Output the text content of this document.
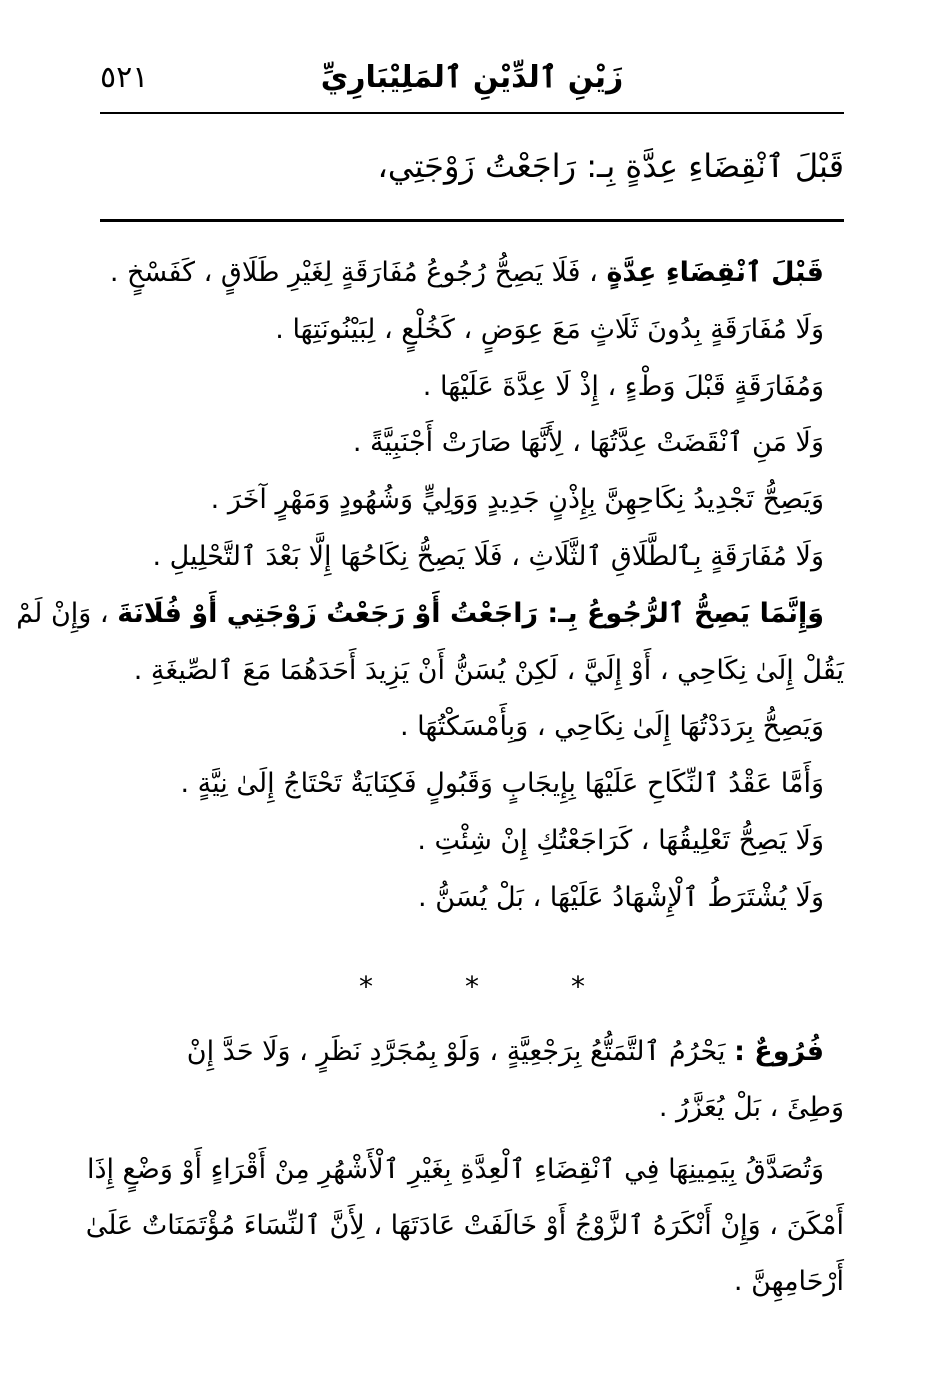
زَيْنِ ٱلدِّيْنِ ٱلمَلِيْبَارِيِّ
٥٢١
قَبْلَ ٱنْقِضَاءِ عِدَّةٍ بِـ: رَاجَعْتُ زَوْجَتِي،
قَبْلَ ٱنْقِضَاءِ عِدَّةٍ ، فَلَا يَصِحُّ رُجُوعُ مُفَارَقَةٍ لِغَيْرِ طَلَاقٍ ، كَفَسْخٍ .
وَلَا مُفَارَقَةٍ بِدُونَ ثَلَاثٍ مَعَ عِوَضٍ ، كَخُلْعٍ ، لِبَيْنُونَتِهَا .
وَمُفَارَقَةٍ قَبْلَ وَطْءٍ ، إِذْ لَا عِدَّةَ عَلَيْهَا .
وَلَا مَنِ ٱنْقَضَتْ عِدَّتُهَا ، لِأَنَّهَا صَارَتْ أَجْنَبِيَّةً .
وَيَصِحُّ تَجْدِيدُ نِكَاحِهِنَّ بِإِذْنٍ جَدِيدٍ وَوَلِيٍّ وَشُهُودٍ وَمَهْرٍ آخَرَ .
وَلَا مُفَارَقَةٍ بِٱلطَّلَاقِ ٱلثَّلَاثِ ، فَلَا يَصِحُّ نِكَاحُهَا إِلَّا بَعْدَ ٱلتَّحْلِيلِ .
وَإِنَّمَا يَصِحُّ ٱلرُّجُوعُ بِـ: رَاجَعْتُ أَوْ رَجَعْتُ زَوْجَتِي أَوْ فُلَانَةَ ، وَإِنْ لَمْ
يَقُلْ إِلَىٰ نِكَاحِي ، أَوْ إِلَيَّ ، لَكِنْ يُسَنُّ أَنْ يَزِيدَ أَحَدَهُمَا مَعَ ٱلصِّيغَةِ .
وَيَصِحُّ بِرَدَدْتُهَا إِلَىٰ نِكَاحِي ، وَبِأَمْسَكْتُهَا .
وَأَمَّا عَقْدُ ٱلنِّكَاحِ عَلَيْهَا بِإِيجَابٍ وَقَبُولٍ فَكِنَايَةٌ تَحْتَاجُ إِلَىٰ نِيَّةٍ .
وَلَا يَصِحُّ تَعْلِيقُهَا ، كَرَاجَعْتُكِ إِنْ شِئْتِ .
وَلَا يُشْتَرَطُ ٱلْإِشْهَادُ عَلَيْهَا ، بَلْ يُسَنُّ .
***
فُرُوعٌ : يَحْرُمُ ٱلتَّمَتُّعُ بِرَجْعِيَّةٍ ، وَلَوْ بِمُجَرَّدِ نَظَرٍ ، وَلَا حَدَّ إِنْ
وَطِئَ ، بَلْ يُعَزَّرُ .
وَتُصَدَّقُ بِيَمِينِهَا فِي ٱنْقِضَاءِ ٱلْعِدَّةِ بِغَيْرِ ٱلْأَشْهُرِ مِنْ أَقْرَاءٍ أَوْ وَضْعٍ إِذَا
أَمْكَنَ ، وَإِنْ أَنْكَرَهُ ٱلزَّوْجُ أَوْ خَالَفَتْ عَادَتَهَا ، لِأَنَّ ٱلنِّسَاءَ مُؤْتَمَنَاتٌ عَلَىٰ
أَرْحَامِهِنَّ .
